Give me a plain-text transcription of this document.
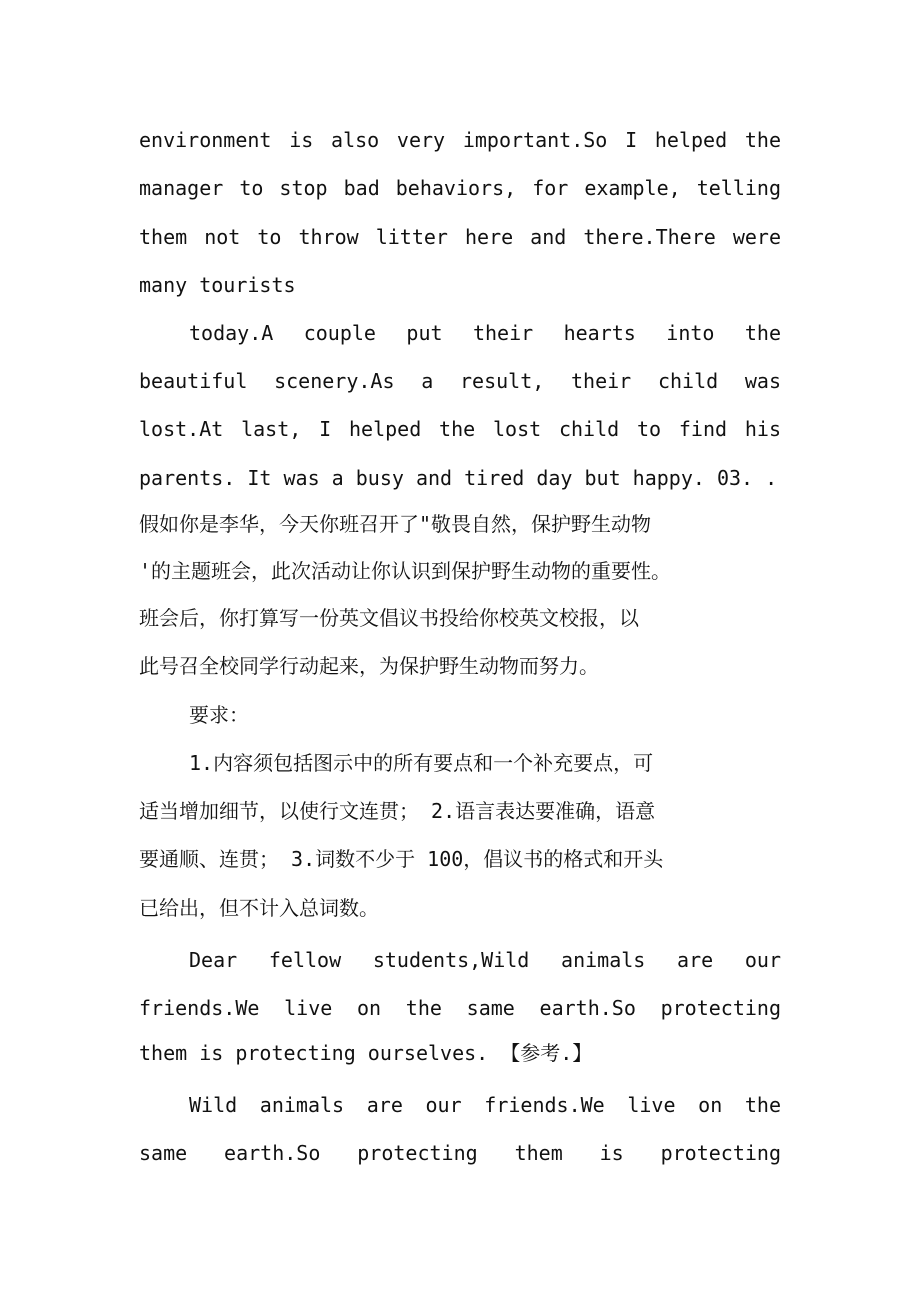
environment is also very important.So I helped the
manager to stop bad behaviors, for example, telling
them not to throw litter here and there.There were
many tourists
today.A couple put their hearts into the
beautiful scenery.As a result, their child was
lost.At last, I helped the lost child to find his
parents. It was a busy and tired day but happy. 03. .
假如你是李华，今天你班召开了"敬畏自然，保护野生动物
'的主题班会，此次活动让你认识到保护野生动物的重要性。
班会后，你打算写一份英文倡议书投给你校英文校报，以
此号召全校同学行动起来，为保护野生动物而努力。
要求：
1.内容须包括图示中的所有要点和一个补充要点，可
适当增加细节，以使行文连贯； 2.语言表达要准确，语意
要通顺、连贯； 3.词数不少于 100，倡议书的格式和开头
已给出，但不计入总词数。
Dear fellow students,Wild animals are our
friends.We live on the same earth.So protecting
them is protecting ourselves. 【参考.】
Wild animals are our friends.We live on the
same earth.So protecting them is protecting
